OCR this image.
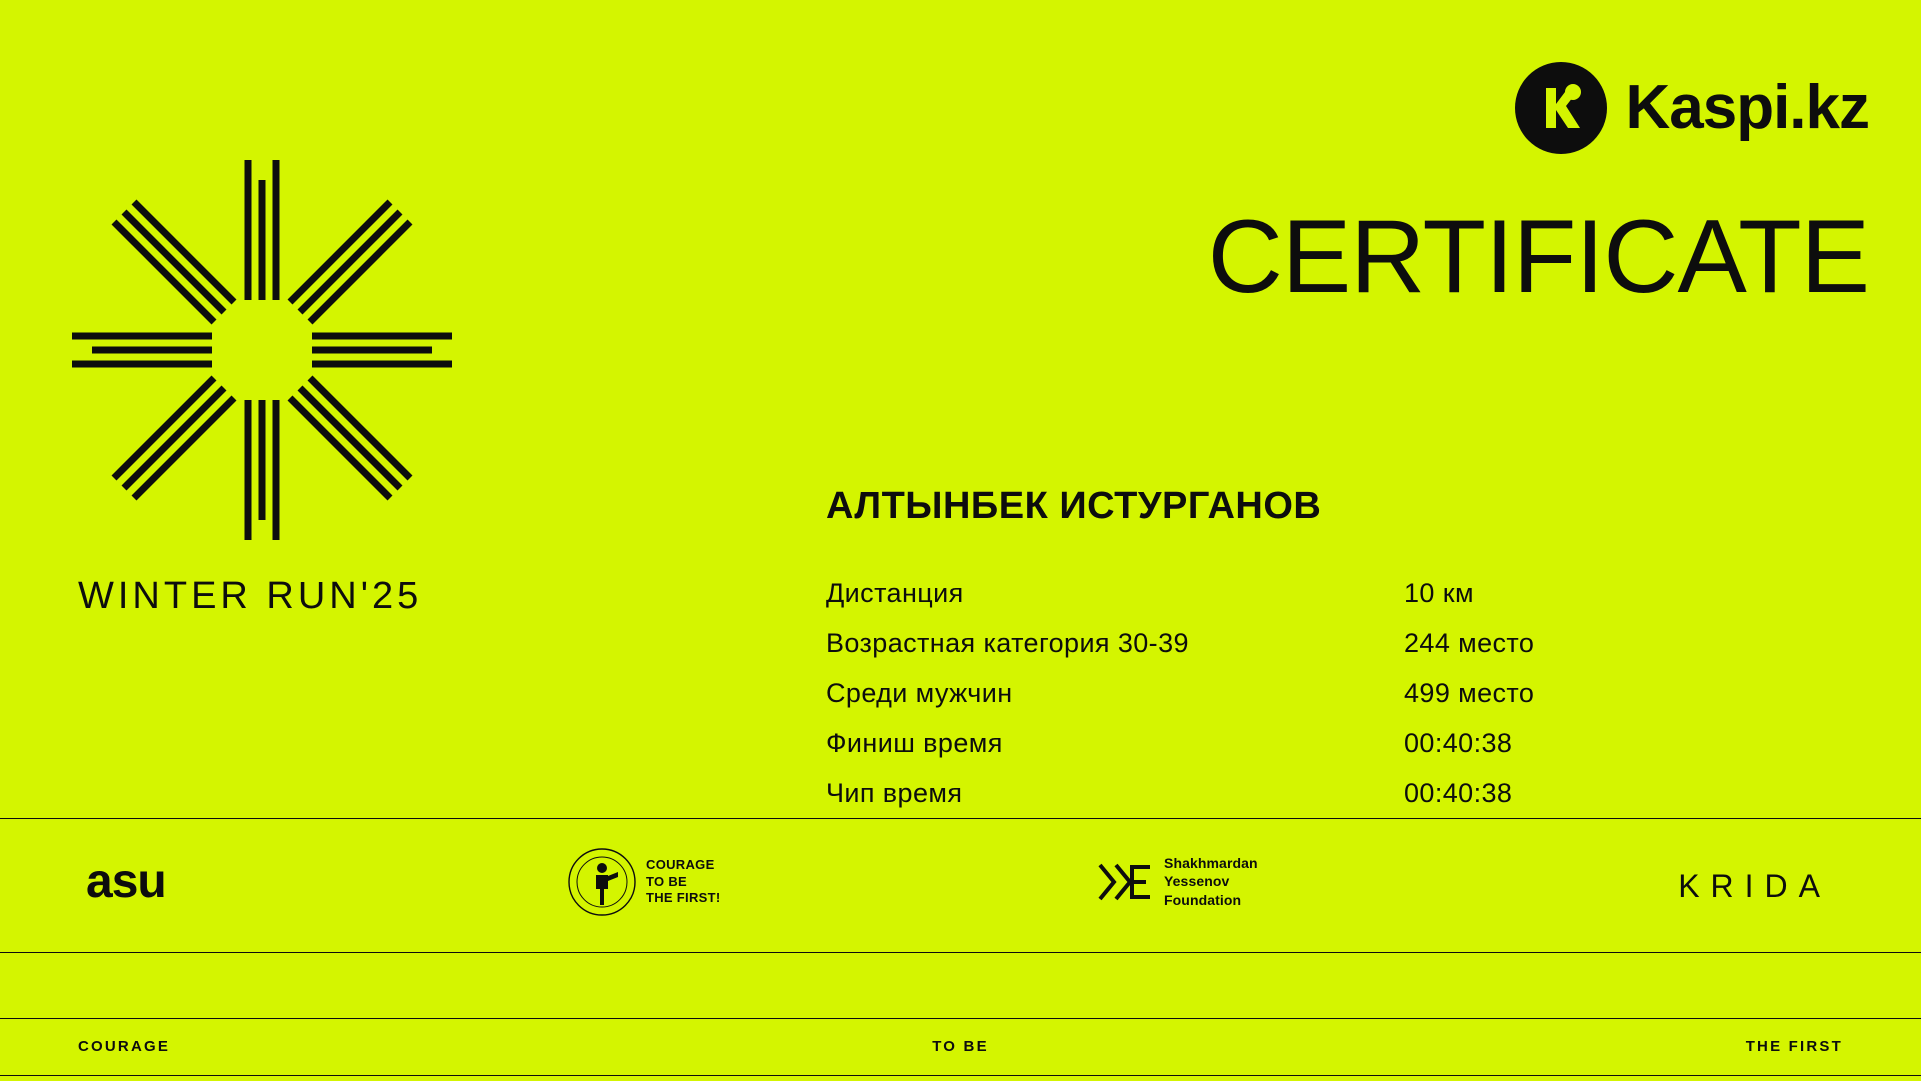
Kaspi.kz
WINTER RUN'25
CERTIFICATE
АЛТЫНБЕК ИСТУРГАНОВ
Дистанция	10 км
Возрастная категория 30-39	244 место
Среди мужчин	499 место
Финиш время	00:40:38
Чип время	00:40:38
asu	COURAGE
TO BE
THE FIRST!
Shakhmardan
Yessenov
Foundation	KRIDA
COURAGE	TO BE	THE FIRST
